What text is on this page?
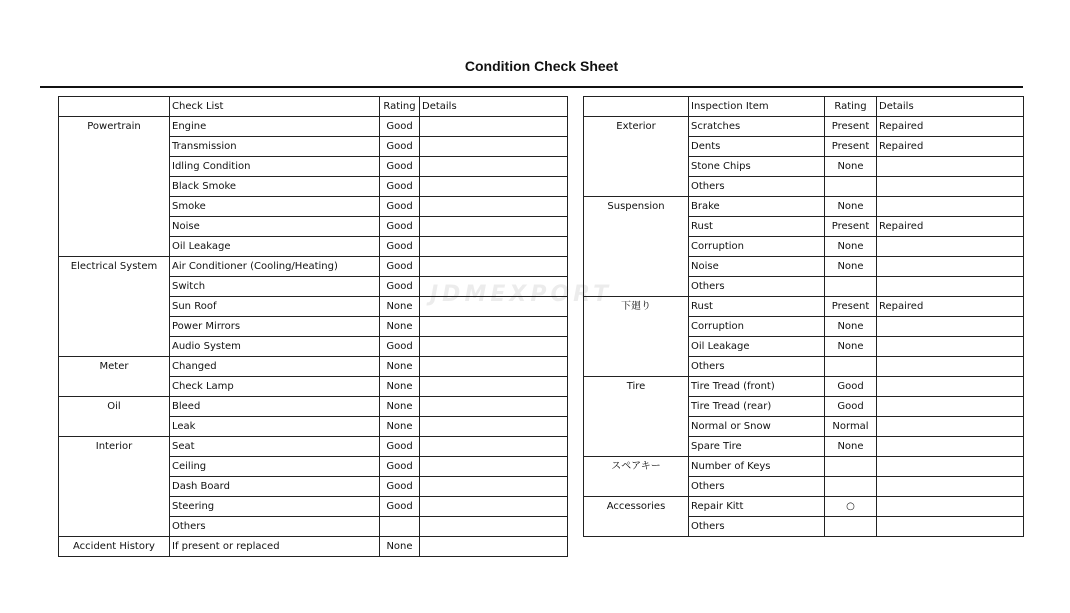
Condition Check Sheet
JDMEXPORT
	Check List	Rating	Details
Powertrain	Engine	Good	
	Transmission	Good	
	Idling Condition	Good	
	Black Smoke	Good	
	Smoke	Good	
	Noise	Good	
	Oil Leakage	Good	
Electrical System	Air Conditioner (Cooling/Heating)	Good	
	Switch	Good	
	Sun Roof	None	
	Power Mirrors	None	
	Audio System	Good	
Meter	Changed	None	
	Check Lamp	None	
Oil	Bleed	None	
	Leak	None	
Interior	Seat	Good	
	Ceiling	Good	
	Dash Board	Good	
	Steering	Good	
	Others		
Accident History	If present or replaced	None	
	Inspection Item	Rating	Details
Exterior	Scratches	Present	Repaired
	Dents	Present	Repaired
	Stone Chips	None	
	Others		
Suspension	Brake	None	
	Rust	Present	Repaired
	Corruption	None	
	Noise	None	
	Others		
下廻り	Rust	Present	Repaired
	Corruption	None	
	Oil Leakage	None	
	Others		
Tire	Tire Tread (front)	Good	
	Tire Tread (rear)	Good	
	Normal or Snow	Normal	
	Spare Tire	None	
スペアキー	Number of Keys		
	Others		
Accessories	Repair Kitt	○	
	Others		
